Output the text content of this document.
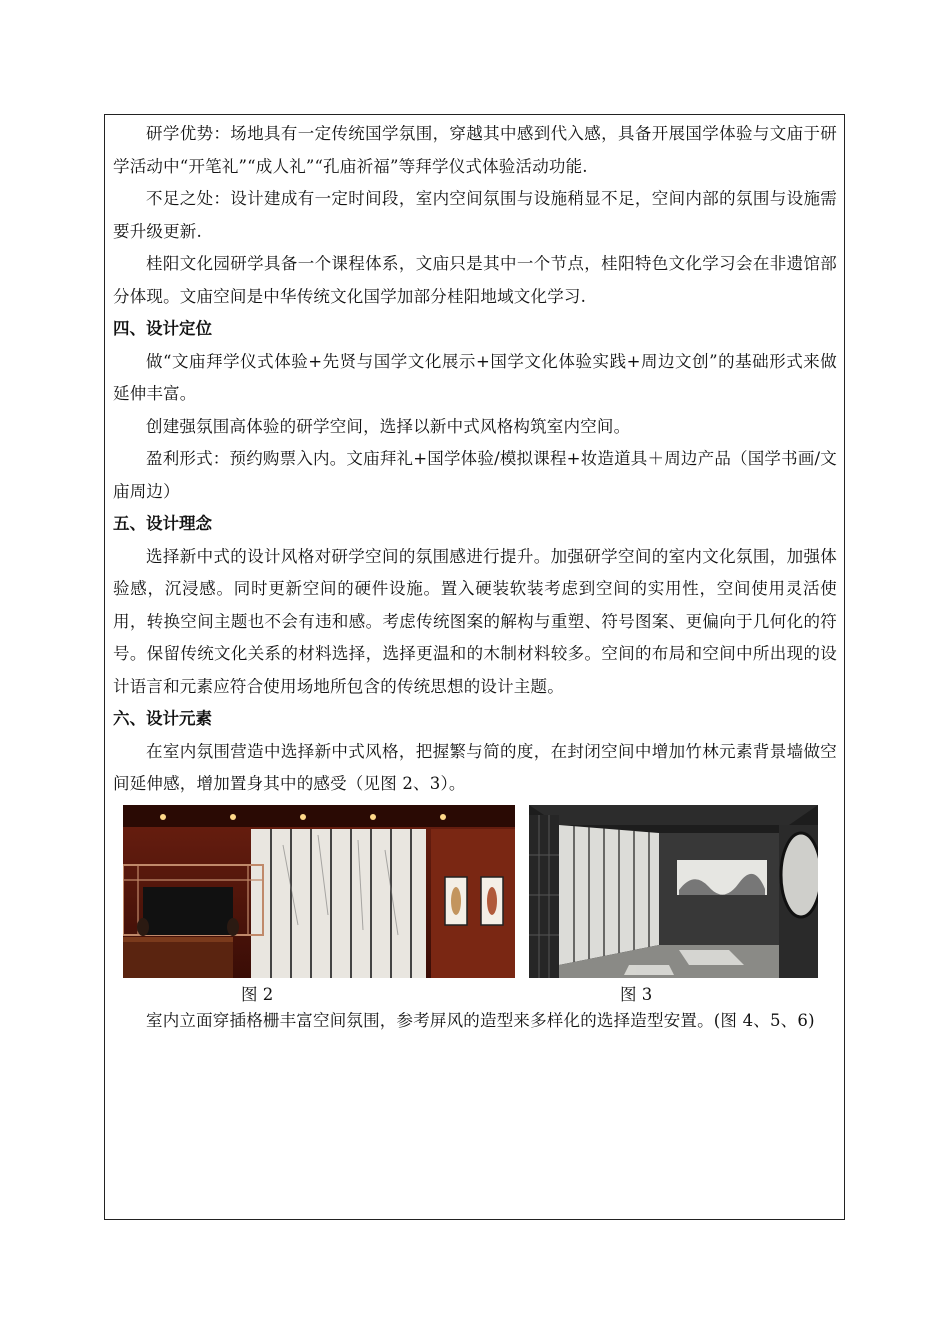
研学优势：场地具有一定传统国学氛围，穿越其中感到代入感，具备开展国学体验与文庙于研学活动中“开笔礼”“成人礼”“孔庙祈福”等拜学仪式体验活动功能.

不足之处：设计建成有一定时间段，室内空间氛围与设施稍显不足，空间内部的氛围与设施需要升级更新.

桂阳文化园研学具备一个课程体系，文庙只是其中一个节点，桂阳特色文化学习会在非遗馆部分体现。文庙空间是中华传统文化国学加部分桂阳地域文化学习.

四、设计定位

做“文庙拜学仪式体验+先贤与国学文化展示+国学文化体验实践+周边文创”的基础形式来做延伸丰富。

创建强氛围高体验的研学空间，选择以新中式风格构筑室内空间。

盈利形式：预约购票入内。文庙拜礼+国学体验/模拟课程+妆造道具＋周边产品（国学书画/文庙周边）

五、设计理念

选择新中式的设计风格对研学空间的氛围感进行提升。加强研学空间的室内文化氛围，加强体验感，沉浸感。同时更新空间的硬件设施。置入硬装软装考虑到空间的实用性，空间使用灵活使用，转换空间主题也不会有违和感。考虑传统图案的解构与重塑、符号图案、更偏向于几何化的符号。保留传统文化关系的材料选择，选择更温和的木制材料较多。空间的布局和空间中所出现的设计语言和元素应符合使用场地所包含的传统思想的设计主题。

六、设计元素

在室内氛围营造中选择新中式风格，把握繁与简的度，在封闭空间中增加竹林元素背景墙做空间延伸感，增加置身其中的感受（见图 2、3）。

图 2	图 3

室内立面穿插格栅丰富空间氛围，参考屏风的造型来多样化的选择造型安置。(图 4、5、6)
